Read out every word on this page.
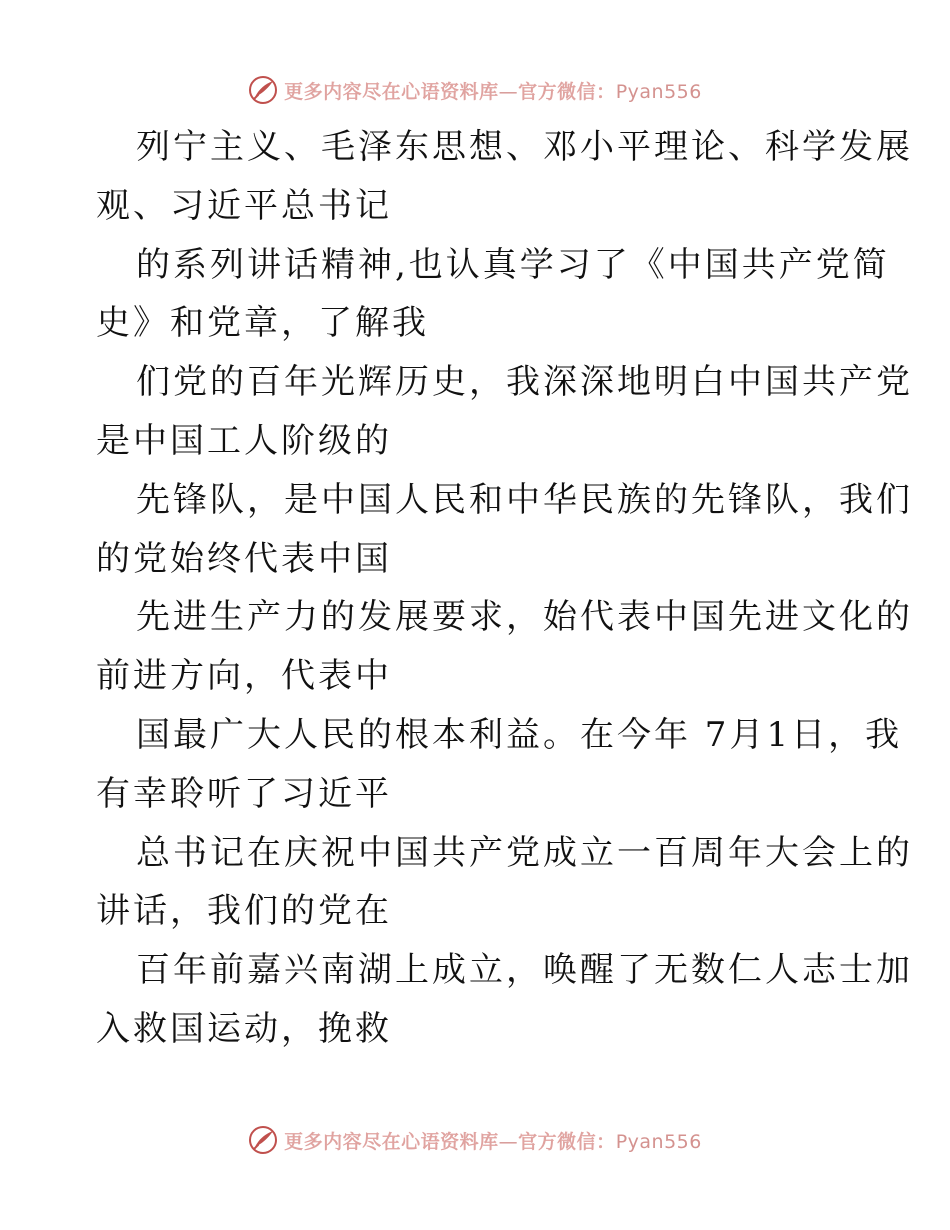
更多内容尽在心语资料库—官方微信：Pyan556
列宁主义、毛泽东思想、邓小平理论、科学发展
观、习近平总书记
的系列讲话精神,也认真学习了《中国共产党简
史》和党章，了解我
们党的百年光辉历史，我深深地明白中国共产党
是中国工人阶级的
先锋队，是中国人民和中华民族的先锋队，我们
的党始终代表中国
先进生产力的发展要求，始代表中国先进文化的
前进方向，代表中
国最广大人民的根本利益。在今年 7月1日，我
有幸聆听了习近平
总书记在庆祝中国共产党成立一百周年大会上的
讲话，我们的党在
百年前嘉兴南湖上成立，唤醒了无数仁人志士加
入救国运动，挽救
更多内容尽在心语资料库—官方微信：Pyan556
